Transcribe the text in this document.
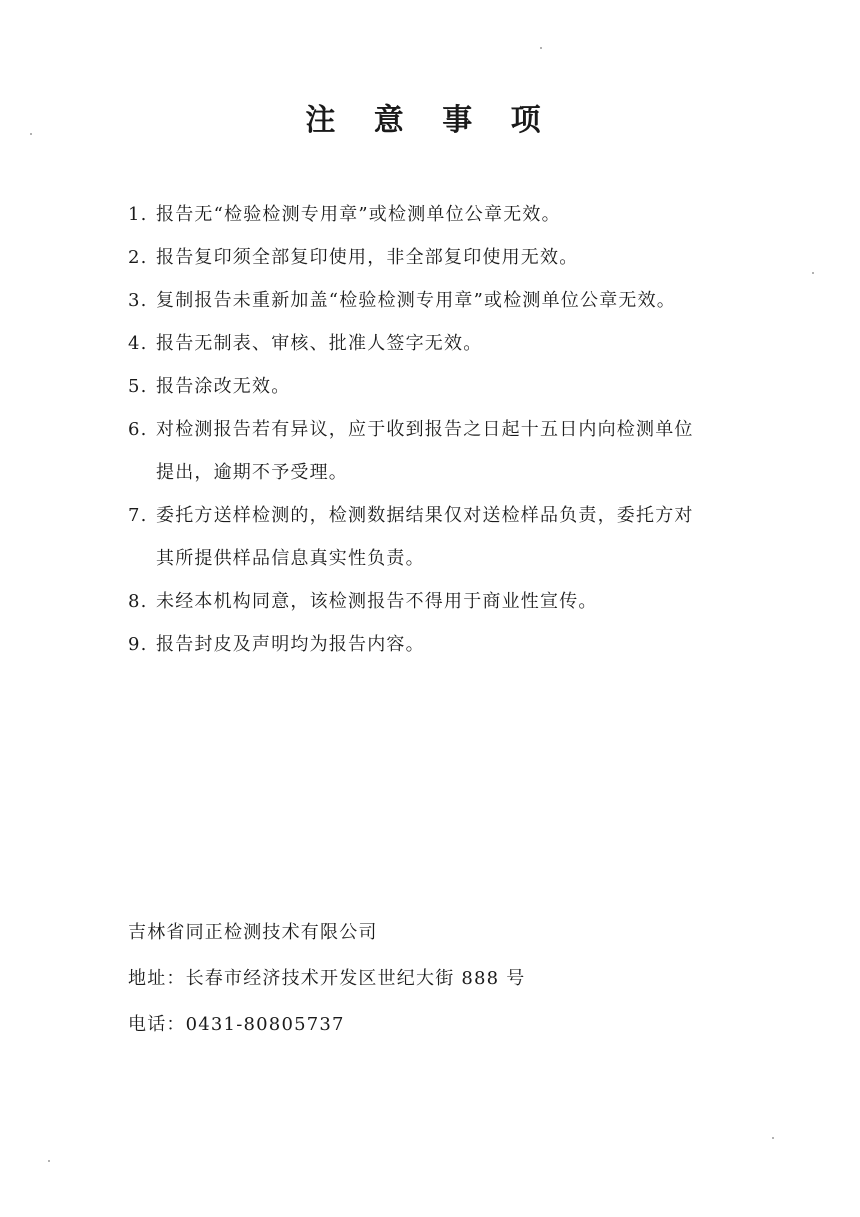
注 意 事 项
1. 报告无“检验检测专用章”或检测单位公章无效。
2. 报告复印须全部复印使用，非全部复印使用无效。
3. 复制报告未重新加盖“检验检测专用章”或检测单位公章无效。
4. 报告无制表、审核、批准人签字无效。
5. 报告涂改无效。
6. 对检测报告若有异议，应于收到报告之日起十五日内向检测单位
提出，逾期不予受理。
7. 委托方送样检测的，检测数据结果仅对送检样品负责，委托方对
其所提供样品信息真实性负责。
8. 未经本机构同意，该检测报告不得用于商业性宣传。
9. 报告封皮及声明均为报告内容。
吉林省同正检测技术有限公司
地址：长春市经济技术开发区世纪大街 888 号
电话：0431-80805737
